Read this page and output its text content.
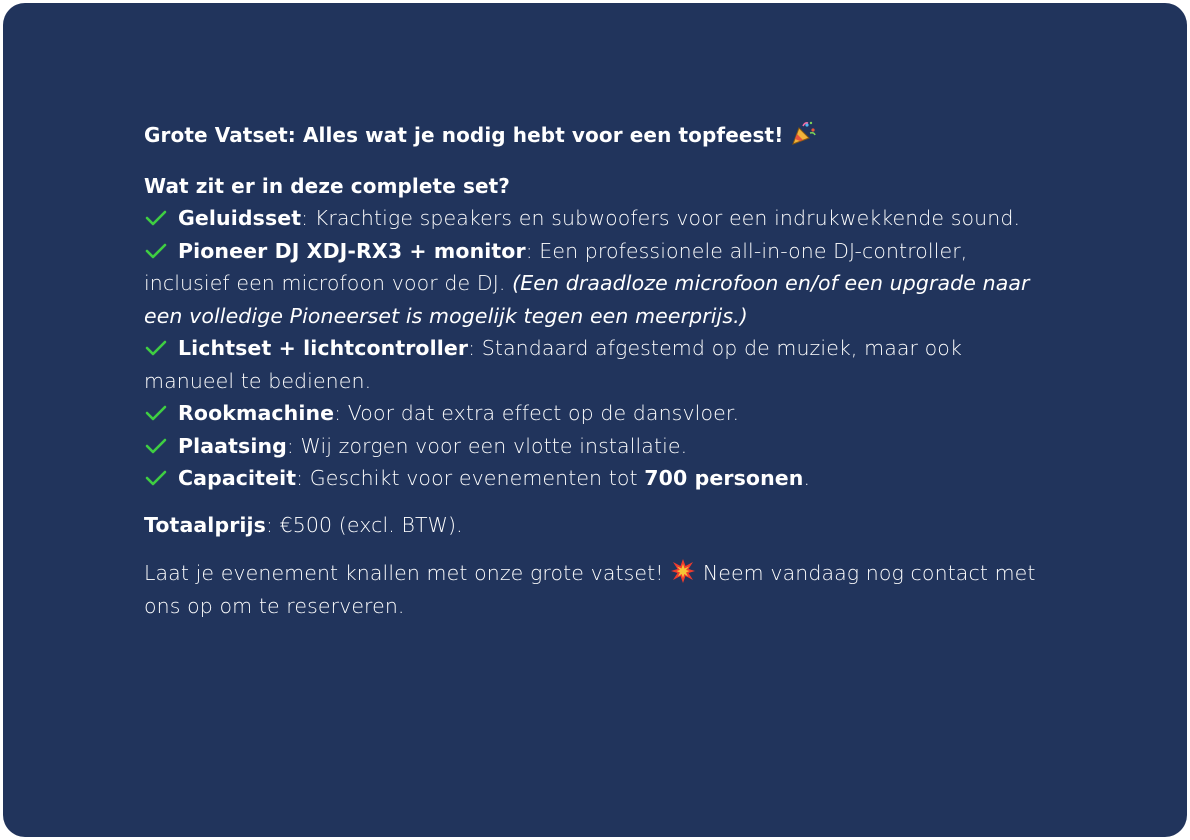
Grote Vatset: Alles wat je nodig hebt voor een topfeest!

Wat zit er in deze complete set?

Geluidsset: Krachtige speakers en subwoofers voor een indrukwekkende sound.
Pioneer DJ XDJ-RX3 + monitor: Een professionele all-in-one DJ-controller, inclusief een microfoon voor de DJ. (Een draadloze microfoon en/of een upgrade naar een volledige Pioneerset is mogelijk tegen een meerprijs.)
Lichtset + lichtcontroller: Standaard afgestemd op de muziek, maar ook manueel te bedienen.
Rookmachine: Voor dat extra effect op de dansvloer.
Plaatsing: Wij zorgen voor een vlotte installatie.
Capaciteit: Geschikt voor evenementen tot 700 personen.

Totaalprijs: €500 (excl. BTW).

Laat je evenement knallen met onze grote vatset!  Neem vandaag nog contact met ons op om te reserveren.
